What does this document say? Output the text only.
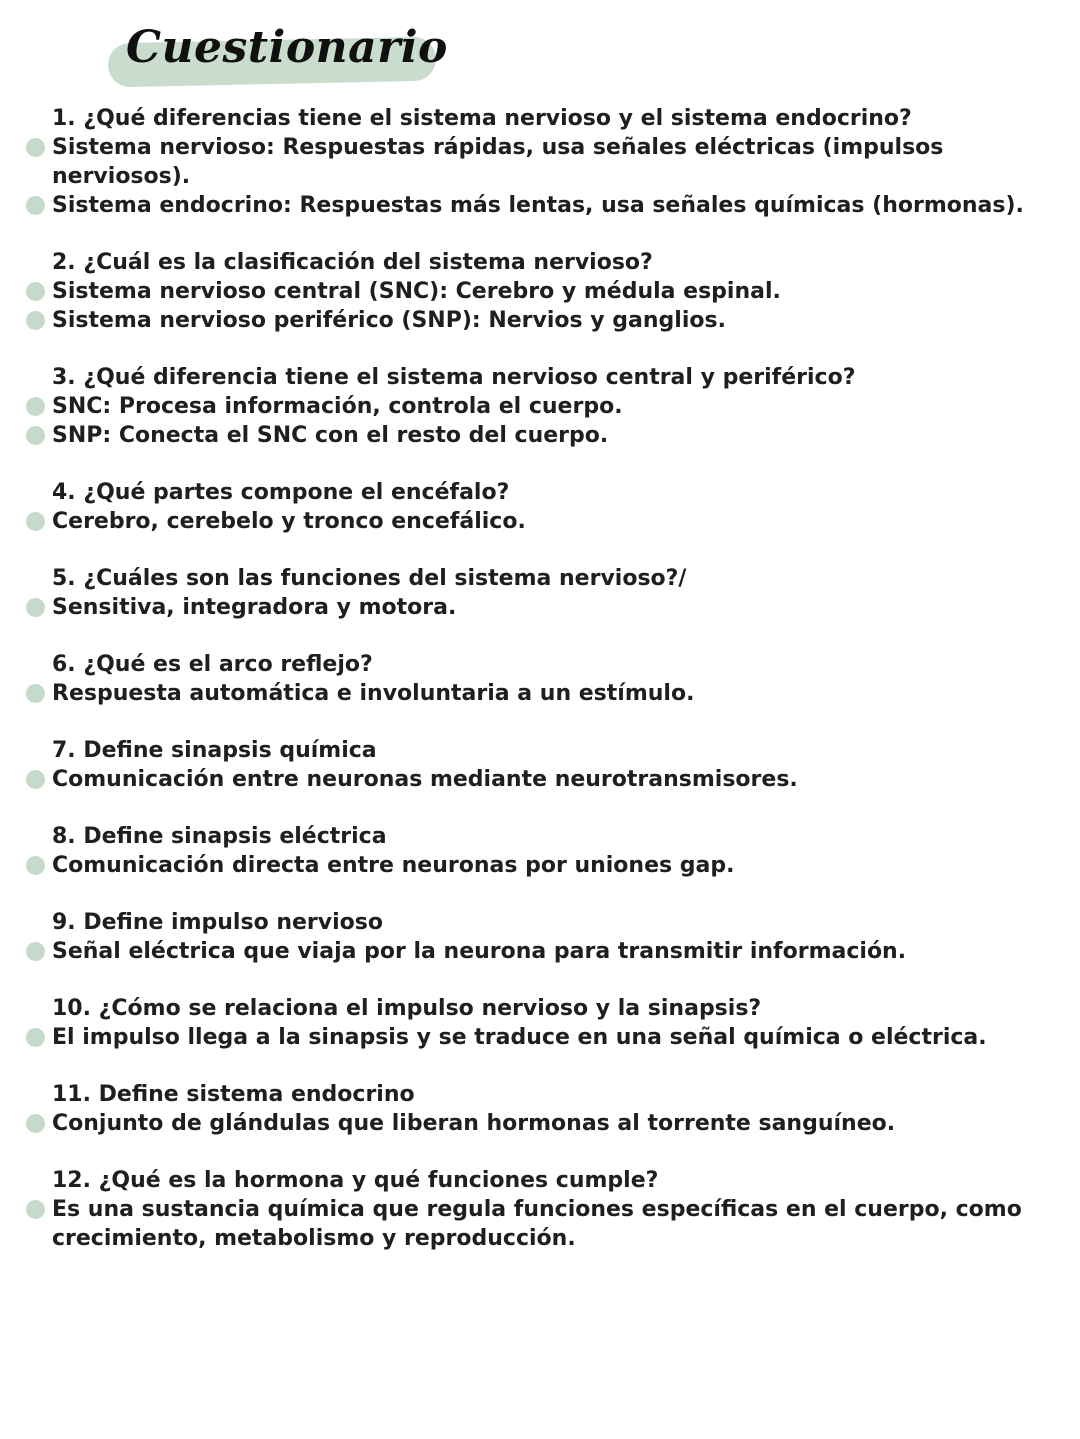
Cuestionario
1. ¿Qué diferencias tiene el sistema nervioso y el sistema endocrino?
Sistema nervioso: Respuestas rápidas, usa señales eléctricas (impulsos nerviosos).
Sistema endocrino: Respuestas más lentas, usa señales químicas (hormonas).
2. ¿Cuál es la clasificación del sistema nervioso?
Sistema nervioso central (SNC): Cerebro y médula espinal.
Sistema nervioso periférico (SNP): Nervios y ganglios.
3. ¿Qué diferencia tiene el sistema nervioso central y periférico?
SNC: Procesa información, controla el cuerpo.
SNP: Conecta el SNC con el resto del cuerpo.
4. ¿Qué partes compone el encéfalo?
Cerebro, cerebelo y tronco encefálico.
5. ¿Cuáles son las funciones del sistema nervioso?/
Sensitiva, integradora y motora.
6. ¿Qué es el arco reflejo?
Respuesta automática e involuntaria a un estímulo.
7. Define sinapsis química
Comunicación entre neuronas mediante neurotransmisores.
8. Define sinapsis eléctrica
Comunicación directa entre neuronas por uniones gap.
9. Define impulso nervioso
Señal eléctrica que viaja por la neurona para transmitir información.
10. ¿Cómo se relaciona el impulso nervioso y la sinapsis?
El impulso llega a la sinapsis y se traduce en una señal química o eléctrica.
11. Define sistema endocrino
Conjunto de glándulas que liberan hormonas al torrente sanguíneo.
12. ¿Qué es la hormona y qué funciones cumple?
Es una sustancia química que regula funciones específicas en el cuerpo, como crecimiento, metabolismo y reproducción.
